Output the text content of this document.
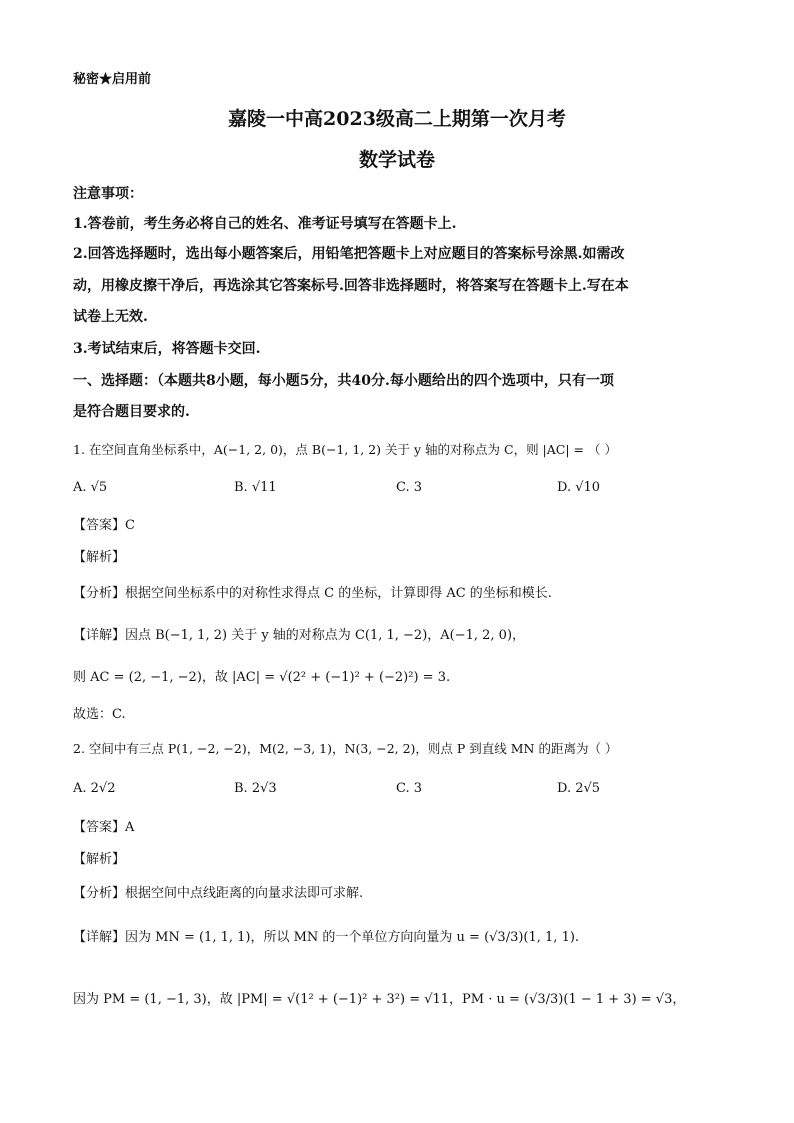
秘密★启用前
嘉陵一中高2023级高二上期第一次月考
数学试卷
注意事项：
1.答卷前，考生务必将自己的姓名、准考证号填写在答题卡上.
2.回答选择题时，选出每小题答案后，用铅笔把答题卡上对应题目的答案标号涂黑.如需改
动，用橡皮擦干净后，再选涂其它答案标号.回答非选择题时，将答案写在答题卡上.写在本
试卷上无效.
3.考试结束后，将答题卡交回.
一、选择题：（本题共8小题，每小题5分，共40分.每小题给出的四个选项中，只有一项
是符合题目要求的.
1. 在空间直角坐标系中，A(−1, 2, 0)，点 B(−1, 1, 2) 关于 y 轴的对称点为 C，则 |AC| = （ ）
A. √5	B. √11	C. 3	D. √10
【答案】C
【解析】
【分析】根据空间坐标系中的对称性求得点 C 的坐标，计算即得 AC 的坐标和模长.
【详解】因点 B(−1, 1, 2) 关于 y 轴的对称点为 C(1, 1, −2)，A(−1, 2, 0)，
则 AC = (2, −1, −2)，故 |AC| = √(2² + (−1)² + (−2)²) = 3.
故选：C.
2. 空间中有三点 P(1, −2, −2)，M(2, −3, 1)，N(3, −2, 2)，则点 P 到直线 MN 的距离为（ ）
A. 2√2	B. 2√3	C. 3	D. 2√5
【答案】A
【解析】
【分析】根据空间中点线距离的向量求法即可求解.
【详解】因为 MN = (1, 1, 1)，所以 MN 的一个单位方向向量为 u = (√3/3)(1, 1, 1).
因为 PM = (1, −1, 3)，故 |PM| = √(1² + (−1)² + 3²) = √11，PM · u = (√3/3)(1 − 1 + 3) = √3，
